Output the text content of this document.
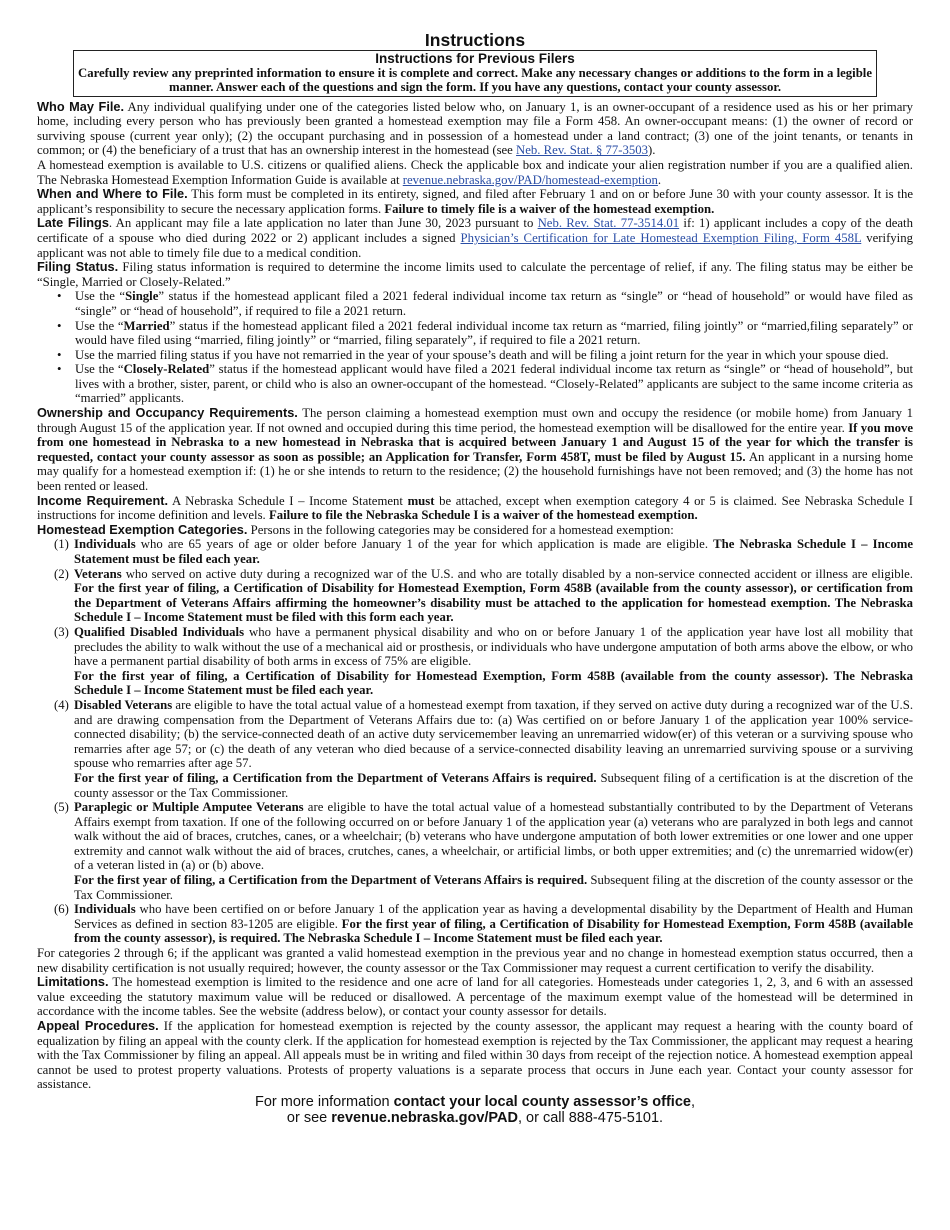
Instructions
Instructions for Previous Filers
Carefully review any preprinted information to ensure it is complete and correct. Make any necessary changes or additions to the form in a legible manner. Answer each of the questions and sign the form. If you have any questions, contact your county assessor.

Who May File. Any individual qualifying under one of the categories listed below who, on January 1, is an owner-occupant of a residence used as his or her primary home, including every person who has previously been granted a homestead exemption may file a Form 458. An owner-occupant means: (1) the owner of record or surviving spouse (current year only); (2) the occupant purchasing and in possession of a homestead under a land contract; (3) one of the joint tenants, or tenants in common; or (4) the beneficiary of a trust that has an ownership interest in the homestead (see Neb. Rev. Stat. § 77-3503).

A homestead exemption is available to U.S. citizens or qualified aliens. Check the applicable box and indicate your alien registration number if you are a qualified alien. The Nebraska Homestead Exemption Information Guide is available at revenue.nebraska.gov/PAD/homestead-exemption.

When and Where to File. This form must be completed in its entirety, signed, and filed after February 1 and on or before June 30 with your county assessor. It is the applicant’s responsibility to secure the necessary application forms. Failure to timely file is a waiver of the homestead exemption.

Late Filings. An applicant may file a late application no later than June 30, 2023 pursuant to Neb. Rev. Stat. 77-3514.01 if: 1) applicant includes a copy of the death certificate of a spouse who died during 2022 or 2) applicant includes a signed Physician’s Certification for Late Homestead Exemption Filing, Form 458L verifying applicant was not able to timely file due to a medical condition.

Filing Status. Filing status information is required to determine the income limits used to calculate the percentage of relief, if any. The filing status may be either be “Single, Married or Closely-Related.”

• Use the “Single” status if the homestead applicant filed a 2021 federal individual income tax return as “single” or “head of household” or would have filed as “single” or “head of household”, if required to file a 2021 return.
• Use the “Married” status if the homestead applicant filed a 2021 federal individual income tax return as “married, filing jointly” or “married,filing separately” or would have filed using “married, filing jointly” or “married, filing separately”, if required to file a 2021 return.
• Use the married filing status if you have not remarried in the year of your spouse’s death and will be filing a joint return for the year in which your spouse died.
• Use the “Closely-Related” status if the homestead applicant would have filed a 2021 federal individual income tax return as “single” or “head of household”, but lives with a brother, sister, parent, or child who is also an owner-occupant of the homestead. “Closely-Related” applicants are subject to the same income criteria as “married” applicants.

Ownership and Occupancy Requirements. The person claiming a homestead exemption must own and occupy the residence (or mobile home) from January 1 through August 15 of the application year. If not owned and occupied during this time period, the homestead exemption will be disallowed for the entire year. If you move from one homestead in Nebraska to a new homestead in Nebraska that is acquired between January 1 and August 15 of the year for which the transfer is requested, contact your county assessor as soon as possible; an Application for Transfer, Form 458T, must be filed by August 15. An applicant in a nursing home may qualify for a homestead exemption if: (1) he or she intends to return to the residence; (2) the household furnishings have not been removed; and (3) the home has not been rented or leased.

Income Requirement. A Nebraska Schedule I – Income Statement must be attached, except when exemption category 4 or 5 is claimed. See Nebraska Schedule I instructions for income definition and levels. Failure to file the Nebraska Schedule I is a waiver of the homestead exemption.

Homestead Exemption Categories. Persons in the following categories may be considered for a homestead exemption:

(1) Individuals who are 65 years of age or older before January 1 of the year for which application is made are eligible. The Nebraska Schedule I – Income Statement must be filed each year.
(2) Veterans who served on active duty during a recognized war of the U.S. and who are totally disabled by a non-service connected accident or illness are eligible. For the first year of filing, a Certification of Disability for Homestead Exemption, Form 458B (available from the county assessor), or certification from the Department of Veterans Affairs affirming the homeowner’s disability must be attached to the application for homestead exemption. The Nebraska Schedule I – Income Statement must be filed with this form each year.
(3) Qualified Disabled Individuals who have a permanent physical disability and who on or before January 1 of the application year have lost all mobility that precludes the ability to walk without the use of a mechanical aid or prosthesis, or individuals who have undergone amputation of both arms above the elbow, or who have a permanent partial disability of both arms in excess of 75% are eligible.
For the first year of filing, a Certification of Disability for Homestead Exemption, Form 458B (available from the county assessor). The Nebraska Schedule I – Income Statement must be filed each year.
(4) Disabled Veterans are eligible to have the total actual value of a homestead exempt from taxation, if they served on active duty during a recognized war of the U.S. and are drawing compensation from the Department of Veterans Affairs due to: (a) Was certified on or before January 1 of the application year 100% service-connected disability; (b) the service-connected death of an active duty servicemember leaving an unremarried widow(er) of this veteran or a surviving spouse who remarries after age 57; or (c) the death of any veteran who died because of a service-connected disability leaving an unremarried surviving spouse or a surviving spouse who remarries after age 57.
For the first year of filing, a Certification from the Department of Veterans Affairs is required. Subsequent filing of a certification is at the discretion of the county assessor or the Tax Commissioner.
(5) Paraplegic or Multiple Amputee Veterans are eligible to have the total actual value of a homestead substantially contributed to by the Department of Veterans Affairs exempt from taxation. If one of the following occurred on or before January 1 of the application year (a) veterans who are paralyzed in both legs and cannot walk without the aid of braces, crutches, canes, or a wheelchair; (b) veterans who have undergone amputation of both lower extremities or one lower and one upper extremity and cannot walk without the aid of braces, crutches, canes, a wheelchair, or artificial limbs, or both upper extremities; and (c) the unremarried widow(er) of a veteran listed in (a) or (b) above.
For the first year of filing, a Certification from the Department of Veterans Affairs is required. Subsequent filing at the discretion of the county assessor or the Tax Commissioner.
(6) Individuals who have been certified on or before January 1 of the application year as having a developmental disability by the Department of Health and Human Services as defined in section 83-1205 are eligible. For the first year of filing, a Certification of Disability for Homestead Exemption, Form 458B (available from the county assessor), is required. The Nebraska Schedule I – Income Statement must be filed each year.

For categories 2 through 6; if the applicant was granted a valid homestead exemption in the previous year and no change in homestead exemption status occurred, then a new disability certification is not usually required; however, the county assessor or the Tax Commissioner may request a current certification to verify the disability.

Limitations. The homestead exemption is limited to the residence and one acre of land for all categories. Homesteads under categories 1, 2, 3, and 6 with an assessed value exceeding the statutory maximum value will be reduced or disallowed. A percentage of the maximum exempt value of the homestead will be determined in accordance with the income tables. See the website (address below), or contact your county assessor for details.

Appeal Procedures. If the application for homestead exemption is rejected by the county assessor, the applicant may request a hearing with the county board of equalization by filing an appeal with the county clerk. If the application for homestead exemption is rejected by the Tax Commissioner, the applicant may request a hearing with the Tax Commissioner by filing an appeal. All appeals must be in writing and filed within 30 days from receipt of the rejection notice. A homestead exemption appeal cannot be used to protest property valuations. Protests of property valuations is a separate process that occurs in June each year. Contact your county assessor for assistance.

For more information contact your local county assessor’s office,
or see revenue.nebraska.gov/PAD, or call 888-475-5101.
